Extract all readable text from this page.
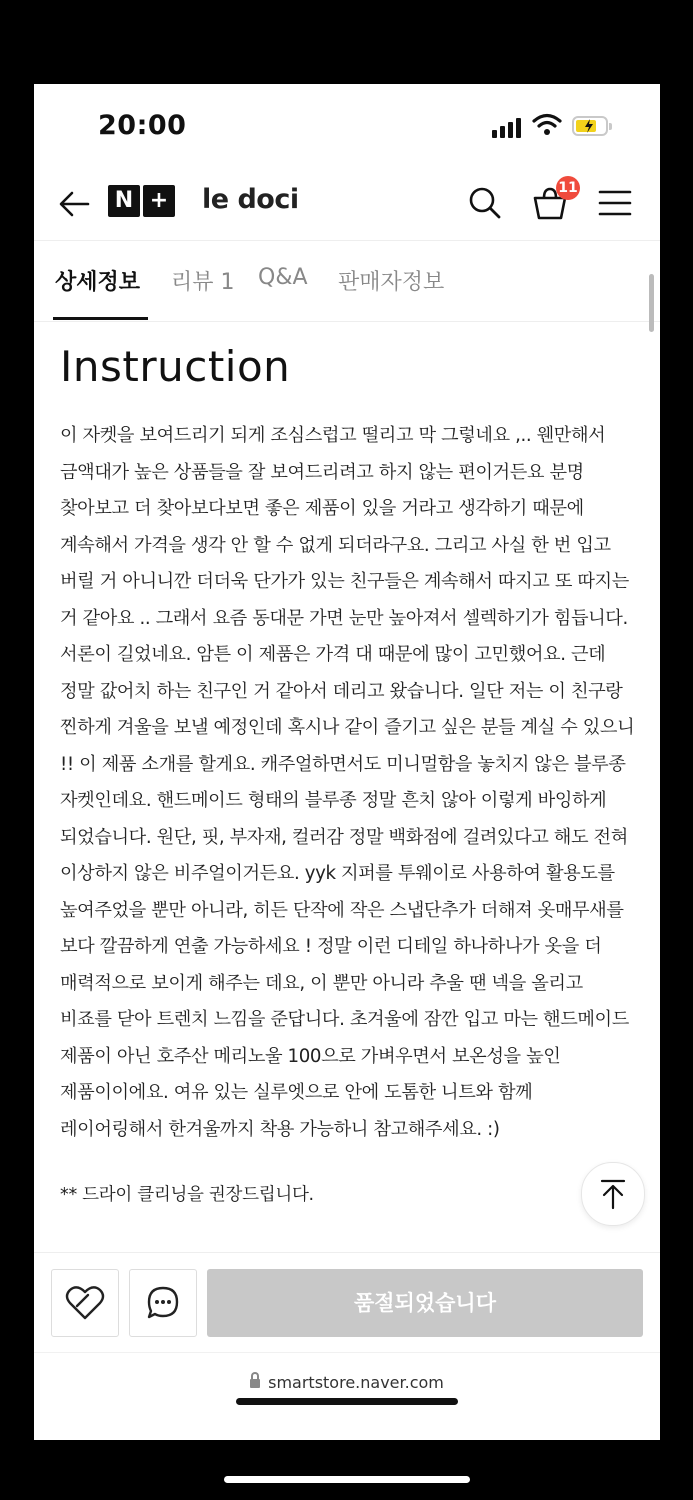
20:00
N + le doci	11
상세정보 리뷰 1 Q&A 판매자정보
Instruction

이 자켓을 보여드리기 되게 조심스럽고 떨리고 막 그렇네요 ,.. 웬만해서 금액대가 높은 상품들을 잘 보여드리려고 하지 않는 편이거든요 분명 찾아보고 더 찾아보다보면 좋은 제품이 있을 거라고 생각하기 때문에 계속해서 가격을 생각 안 할 수 없게 되더라구요. 그리고 사실 한 번 입고 버릴 거 아니니깐 더더욱 단가가 있는 친구들은 계속해서 따지고 또 따지는 거 같아요 .. 그래서 요즘 동대문 가면 눈만 높아져서 셀렉하기가 힘듭니다. 서론이 길었네요. 암튼 이 제품은 가격 대 때문에 많이 고민했어요. 근데 정말 값어치 하는 친구인 거 같아서 데리고 왔습니다. 일단 저는 이 친구랑 찐하게 겨울을 보낼 예정인데 혹시나 같이 즐기고 싶은 분들 계실 수 있으니 !! 이 제품 소개를 할게요. 캐주얼하면서도 미니멀함을 놓치지 않은 블루종 자켓인데요. 핸드메이드 형태의 블루종 정말 흔치 않아 이렇게 바잉하게 되었습니다. 원단, 핏, 부자재, 컬러감 정말 백화점에 걸려있다고 해도 전혀 이상하지 않은 비주얼이거든요. yyk 지퍼를 투웨이로 사용하여 활용도를 높여주었을 뿐만 아니라, 히든 단작에 작은 스냅단추가 더해져 옷매무새를 보다 깔끔하게 연출 가능하세요 ! 정말 이런 디테일 하나하나가 옷을 더 매력적으로 보이게 해주는 데요, 이 뿐만 아니라 추울 땐 넥을 올리고 비죠를 닫아 트렌치 느낌을 준답니다. 초겨울에 잠깐 입고 마는 핸드메이드 제품이 아닌 호주산 메리노울 100으로 가벼우면서 보온성을 높인 제품이이에요. 여유 있는 실루엣으로 안에 도톰한 니트와 함께 레이어링해서 한겨울까지 착용 가능하니 참고해주세요. :)

** 드라이 클리닝을 권장드립니다.
품절되었습니다
smartstore.naver.com
